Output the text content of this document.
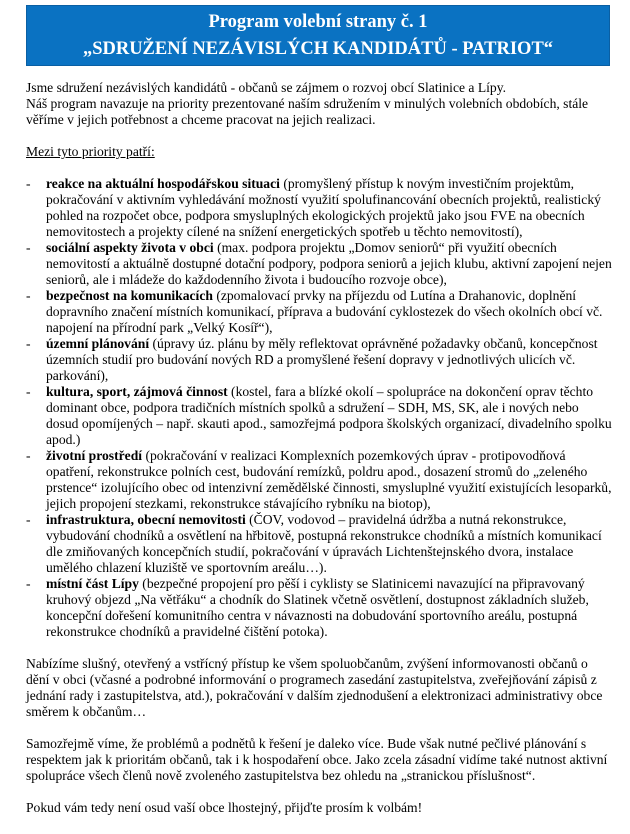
Program volební strany č. 1
„SDRUŽENÍ NEZÁVISLÝCH KANDIDÁTŮ - PATRIOT“

Jsme sdružení nezávislých kandidátů - občanů se zájmem o rozvoj obcí Slatinice a Lípy.

Náš program navazuje na priority prezentované naším sdružením v minulých volebních obdobích, stále věříme v jejich potřebnost a chceme pracovat na jejich realizaci.

Mezi tyto priority patří:

- reakce na aktuální hospodářskou situaci (promyšlený přístup k novým investičním projektům, pokračování v aktivním vyhledávání možností využití spolufinancování obecních projektů, realistický pohled na rozpočet obce, podpora smysluplných ekologických projektů jako jsou FVE na obecních nemovitostech a projekty cílené na snížení energetických spotřeb u těchto nemovitostí),
- sociální aspekty života v obci (max. podpora projektu „Domov seniorů“ při využití obecních nemovitostí a aktuálně dostupné dotační podpory, podpora seniorů a jejich klubu, aktivní zapojení nejen seniorů, ale i mládeže do každodenního života i budoucího rozvoje obce),
- bezpečnost na komunikacích (zpomalovací prvky na příjezdu od Lutína a Drahanovic, doplnění dopravního značení místních komunikací, příprava a budování cyklostezek do všech okolních obcí vč. napojení na přírodní park „Velký Kosíř“),
- územní plánování (úpravy úz. plánu by měly reflektovat oprávněné požadavky občanů, koncepčnost územních studií pro budování nových RD a promyšlené řešení dopravy v jednotlivých ulicích vč. parkování),
- kultura, sport, zájmová činnost (kostel, fara a blízké okolí – spolupráce na dokončení oprav těchto dominant obce, podpora tradičních místních spolků a sdružení – SDH, MS, SK, ale i nových nebo dosud opomíjených – např. skauti apod., samozřejmá podpora školských organizací, divadelního spolku apod.)
- životní prostředí (pokračování v realizaci Komplexních pozemkových úprav - protipovodňová opatření, rekonstrukce polních cest, budování remízků, poldru apod., dosazení stromů do „zeleného prstence“ izolujícího obec od intenzivní zemědělské činnosti, smysluplné využití existujících lesoparků, jejich propojení stezkami, rekonstrukce stávajícího rybníku na biotop),
- infrastruktura, obecní nemovitosti (ČOV, vodovod – pravidelná údržba a nutná rekonstrukce, vybudování chodníků a osvětlení na hřbitově, postupná rekonstrukce chodníků a místních komunikací dle zmiňovaných koncepčních studií, pokračování v úpravách Lichtenštejnského dvora, instalace umělého chlazení kluziště ve sportovním areálu…).
- místní část Lípy (bezpečné propojení pro pěší i cyklisty se Slatinicemi navazující na připravovaný kruhový objezd „Na větřáku“ a chodník do Slatinek včetně osvětlení, dostupnost základních služeb, koncepční dořešení komunitního centra v návaznosti na dobudování sportovního areálu, postupná rekonstrukce chodníků a pravidelné čištění potoka).

Nabízíme slušný, otevřený a vstřícný přístup ke všem spoluobčanům, zvýšení informovanosti občanů o dění v obci (včasné a podrobné informování o programech zasedání zastupitelstva, zveřejňování zápisů z jednání rady i zastupitelstva, atd.), pokračování v dalším zjednodušení a elektronizaci administrativy obce směrem k občanům…

Samozřejmě víme, že problémů a podnětů k řešení je daleko více. Bude však nutné pečlivé plánování s respektem jak k prioritám občanů, tak i k hospodaření obce. Jako zcela zásadní vidíme také nutnost aktivní spolupráce všech členů nově zvoleného zastupitelstva bez ohledu na „stranickou příslušnost“.

Pokud vám tedy není osud vaší obce lhostejný, přijďte prosím k volbám!
